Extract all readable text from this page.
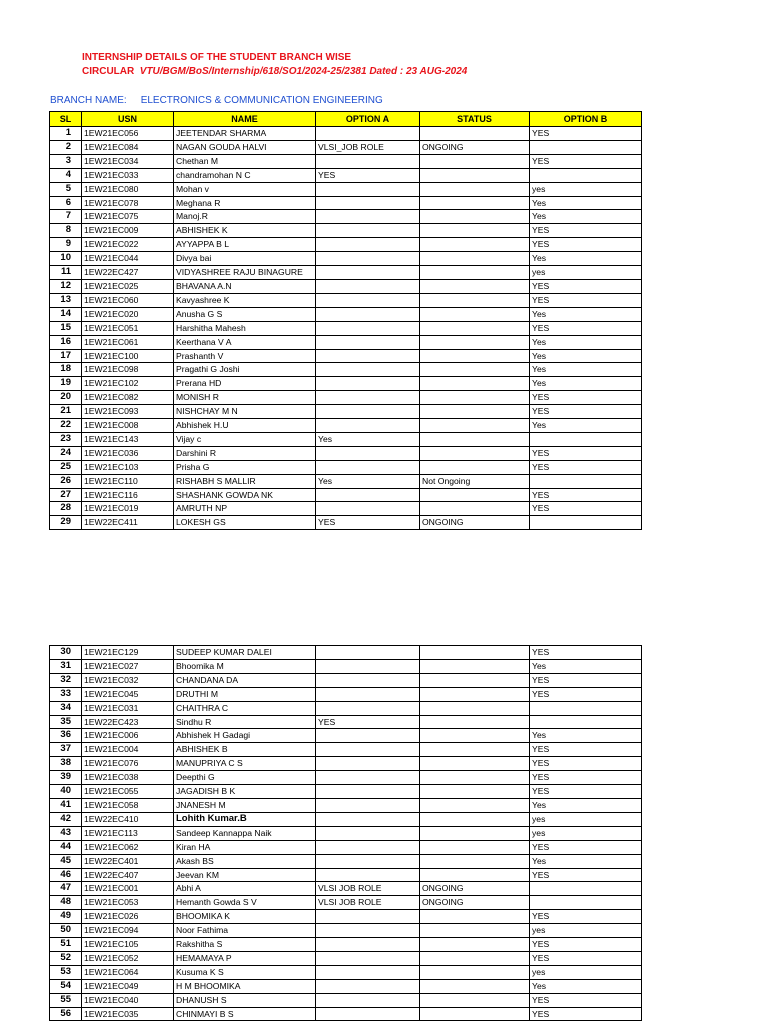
INTERNSHIP DETAILS OF THE STUDENT BRANCH WISE
CIRCULAR VTU/BGM/BoS/Internship/618/SO1/2024-25/2381 Dated : 23 AUG-2024
BRANCH NAME: ELECTRONICS & COMMUNICATION ENGINEERING
SL	USN	NAME	OPTION A	STATUS	OPTION B
1	1EW21EC056	JEETENDAR SHARMA			YES
2	1EW21EC084	NAGAN GOUDA HALVI	VLSI_JOB ROLE	ONGOING	
3	1EW21EC034	Chethan M			YES
4	1EW21EC033	chandramohan N C	YES		
5	1EW21EC080	Mohan v			yes
6	1EW21EC078	Meghana R			Yes
7	1EW21EC075	Manoj.R			Yes
8	1EW21EC009	ABHISHEK K			YES
9	1EW21EC022	AYYAPPA B L			YES
10	1EW21EC044	Divya bai			Yes
11	1EW22EC427	VIDYASHREE RAJU BINAGURE			yes
12	1EW21EC025	BHAVANA A.N			YES
13	1EW21EC060	Kavyashree K			YES
14	1EW21EC020	Anusha G S			Yes
15	1EW21EC051	Harshitha Mahesh			YES
16	1EW21EC061	Keerthana V A			Yes
17	1EW21EC100	Prashanth V			Yes
18	1EW21EC098	Pragathi G Joshi			Yes
19	1EW21EC102	Prerana HD			Yes
20	1EW21EC082	MONISH R			YES
21	1EW21EC093	NISHCHAY M N			YES
22	1EW21EC008	Abhishek H.U			Yes
23	1EW21EC143	Vijay c	Yes		
24	1EW21EC036	Darshini R			YES
25	1EW21EC103	Prisha G			YES
26	1EW21EC110	RISHABH S MALLIR	Yes	Not Ongoing	
27	1EW21EC116	SHASHANK GOWDA NK			YES
28	1EW21EC019	AMRUTH NP			YES
29	1EW22EC411	LOKESH GS	YES	ONGOING	
30	1EW21EC129	SUDEEP KUMAR DALEI			YES
31	1EW21EC027	Bhoomika M			Yes
32	1EW21EC032	CHANDANA DA			YES
33	1EW21EC045	DRUTHI M			YES
34	1EW21EC031	CHAITHRA C			
35	1EW22EC423	Sindhu R	YES		
36	1EW21EC006	Abhishek H Gadagi			Yes
37	1EW21EC004	ABHISHEK B			YES
38	1EW21EC076	MANUPRIYA C S			YES
39	1EW21EC038	Deepthi G			YES
40	1EW21EC055	JAGADISH B K			YES
41	1EW21EC058	JNANESH M			Yes
42	1EW22EC410	Lohith Kumar.B			yes
43	1EW21EC113	Sandeep Kannappa Naik			yes
44	1EW21EC062	Kiran HA			YES
45	1EW22EC401	Akash BS			Yes
46	1EW22EC407	Jeevan KM			YES
47	1EW21EC001	Abhi A	VLSI JOB ROLE	ONGOING	
48	1EW21EC053	Hemanth Gowda S V	VLSI JOB ROLE	ONGOING	
49	1EW21EC026	BHOOMIKA K			YES
50	1EW21EC094	Noor Fathima			yes
51	1EW21EC105	Rakshitha S			YES
52	1EW21EC052	HEMAMAYA P			YES
53	1EW21EC064	Kusuma K S			yes
54	1EW21EC049	H M BHOOMIKA			Yes
55	1EW21EC040	DHANUSH S			YES
56	1EW21EC035	CHINMAYI B S			YES
